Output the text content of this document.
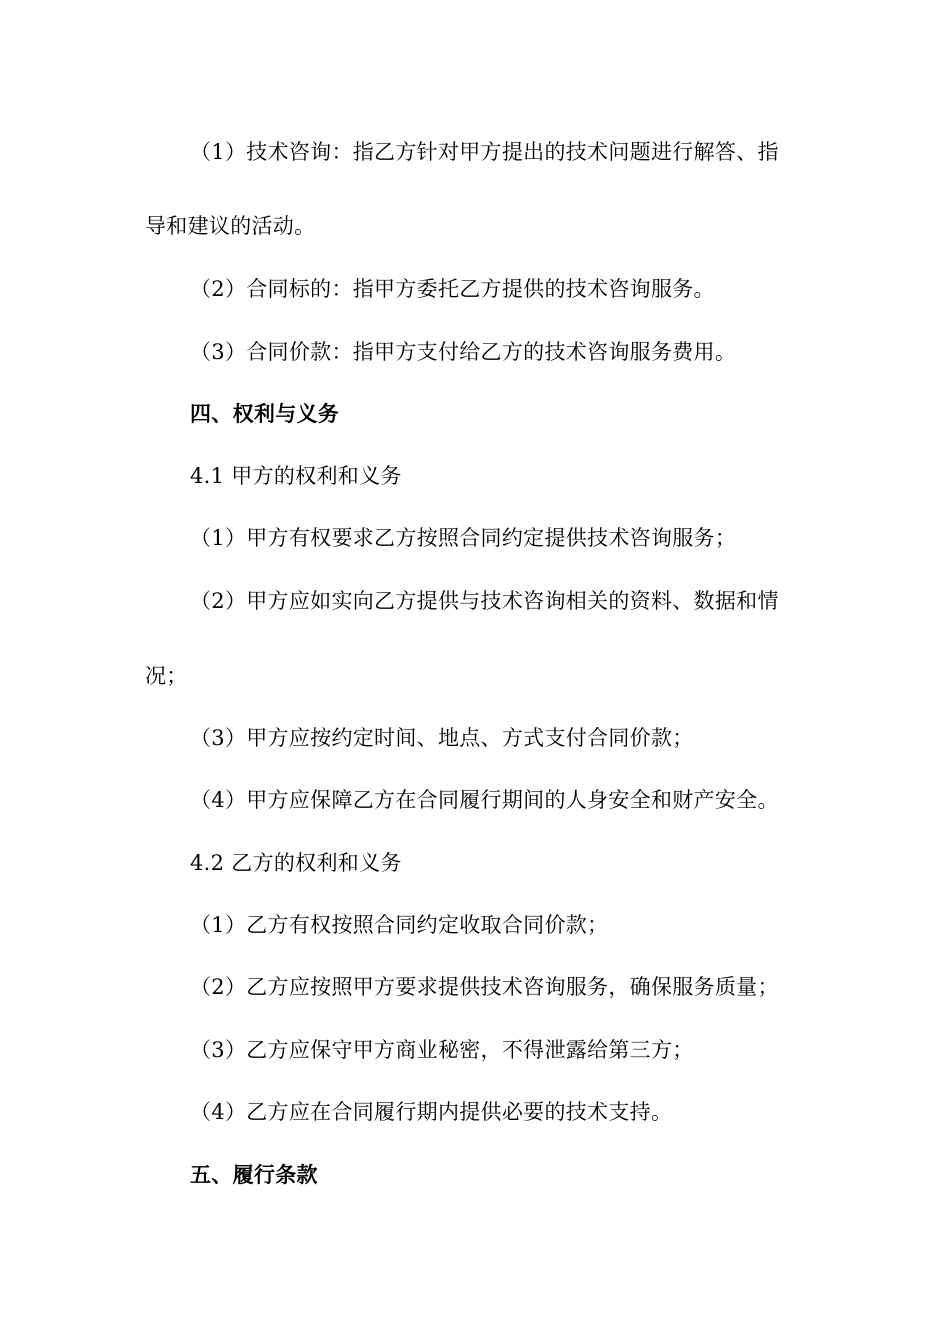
（1）技术咨询：指乙方针对甲方提出的技术问题进行解答、指
导和建议的活动。
（2）合同标的：指甲方委托乙方提供的技术咨询服务。
（3）合同价款：指甲方支付给乙方的技术咨询服务费用。
四、权利与义务
4.1 甲方的权利和义务
（1）甲方有权要求乙方按照合同约定提供技术咨询服务；
（2）甲方应如实向乙方提供与技术咨询相关的资料、数据和情
况；
（3）甲方应按约定时间、地点、方式支付合同价款；
（4）甲方应保障乙方在合同履行期间的人身安全和财产安全。
4.2 乙方的权利和义务
（1）乙方有权按照合同约定收取合同价款；
（2）乙方应按照甲方要求提供技术咨询服务，确保服务质量；
（3）乙方应保守甲方商业秘密，不得泄露给第三方；
（4）乙方应在合同履行期内提供必要的技术支持。
五、履行条款
